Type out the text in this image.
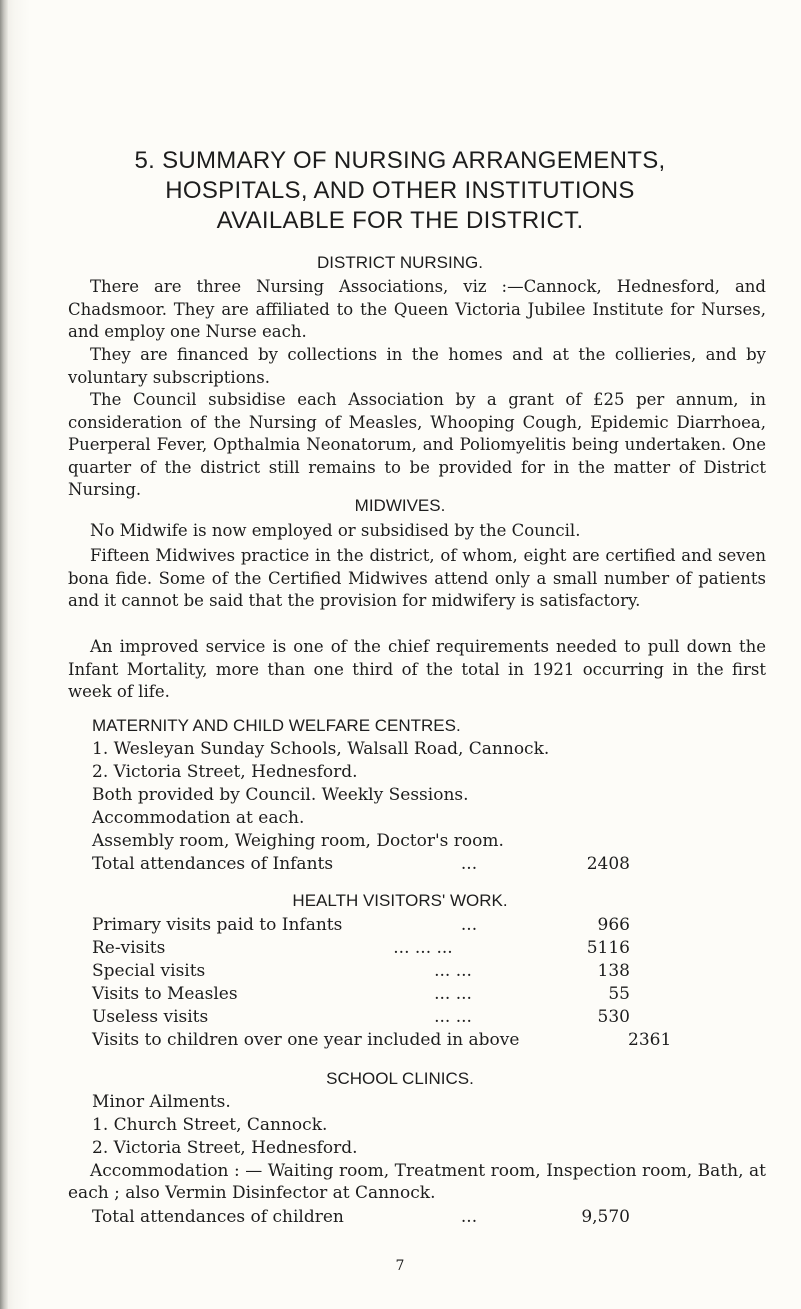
5. SUMMARY OF NURSING ARRANGEMENTS,
HOSPITALS, AND OTHER INSTITUTIONS
AVAILABLE FOR THE DISTRICT.
DISTRICT NURSING.
There are three Nursing Associations, viz :—Cannock, Hednesford, and Chadsmoor. They are affiliated to the Queen Victoria Jubilee Institute for Nurses, and employ one Nurse each.
They are financed by collections in the homes and at the collieries, and by voluntary subscriptions.
The Council subsidise each Association by a grant of £25 per annum, in consideration of the Nursing of Measles, Whooping Cough, Epidemic Diarrhoea, Puerperal Fever, Opthalmia Neonatorum, and Poliomyelitis being undertaken. One quarter of the district still remains to be provided for in the matter of District Nursing.
MIDWIVES.
No Midwife is now employed or subsidised by the Council.
Fifteen Midwives practice in the district, of whom, eight are certified and seven bona fide. Some of the Certified Midwives attend only a small number of patients and it cannot be said that the provision for midwifery is satisfactory.
An improved service is one of the chief requirements needed to pull down the Infant Mortality, more than one third of the total in 1921 occurring in the first week of life.
MATERNITY AND CHILD WELFARE CENTRES.
1. Wesleyan Sunday Schools, Walsall Road, Cannock.
2. Victoria Street, Hednesford.
Both provided by Council. Weekly Sessions.
Accommodation at each.
Assembly room, Weighing room, Doctor's room.
Total attendances of Infants	...	2408
HEALTH VISITORS' WORK.
Primary visits paid to Infants	...	966
Re-visits	... ... ...	5116
Special visits	... ...	138
Visits to Measles	... ...	55
Useless visits	... ...	530
Visits to children over one year included in above	2361
SCHOOL CLINICS.
Minor Ailments.
1. Church Street, Cannock.
2. Victoria Street, Hednesford.
Accommodation : — Waiting room, Treatment room, Inspection room, Bath, at each ; also Vermin Disinfector at Cannock.
Total attendances of children	...	9,570
7
